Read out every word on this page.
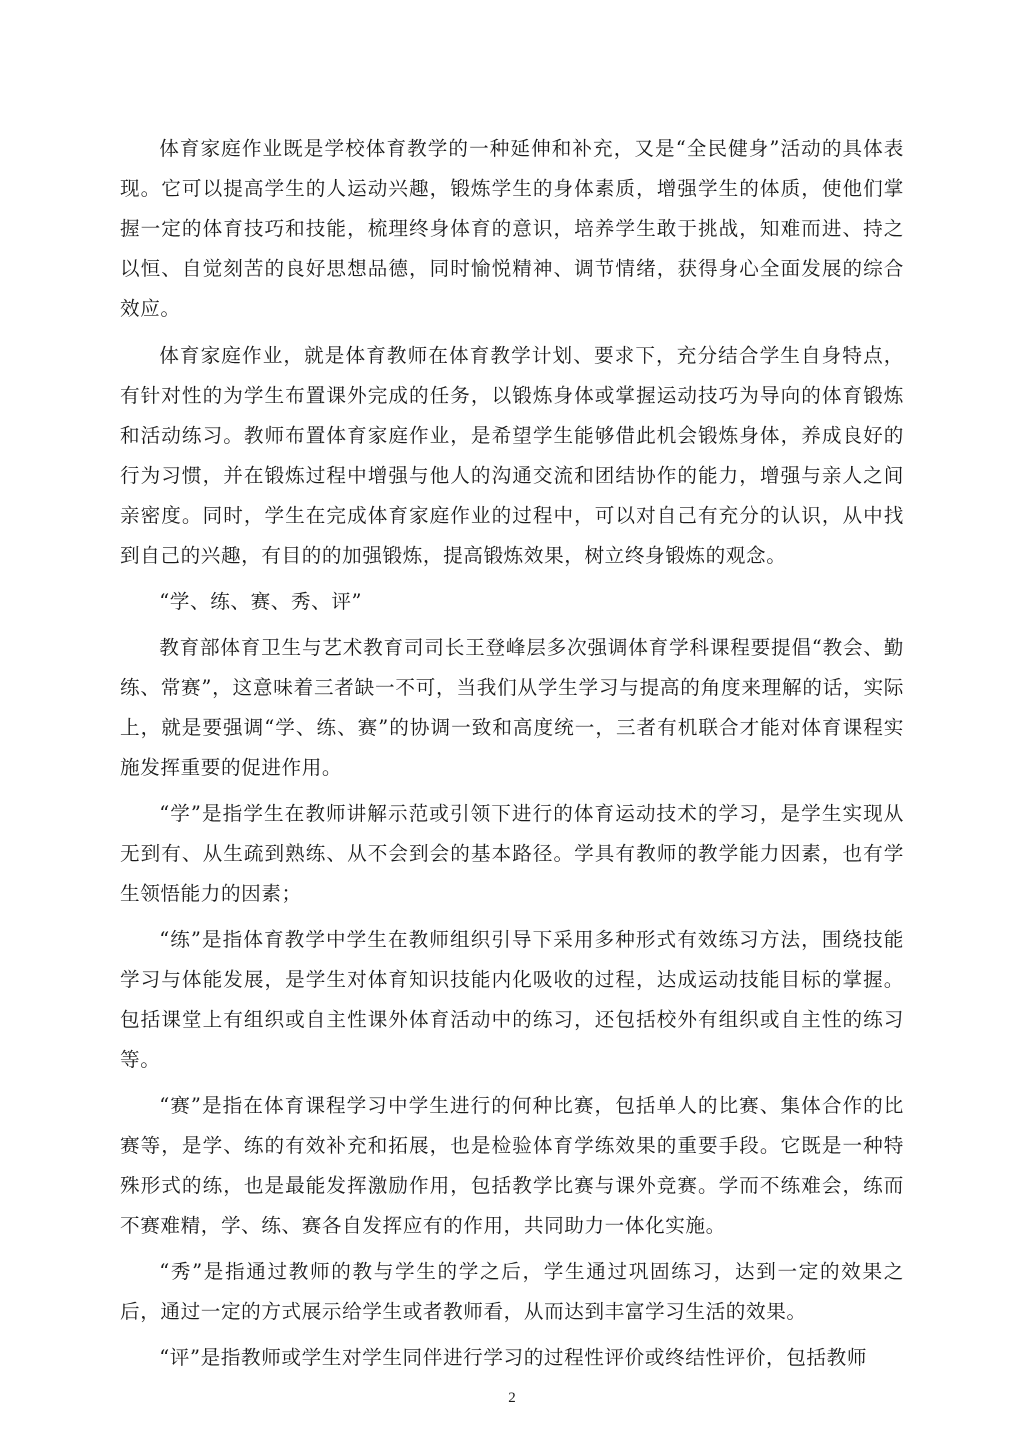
体育家庭作业既是学校体育教学的一种延伸和补充，又是“全民健身”活动的具体表现。它可以提高学生的人运动兴趣，锻炼学生的身体素质，增强学生的体质，使他们掌握一定的体育技巧和技能，梳理终身体育的意识，培养学生敢于挑战，知难而进、持之以恒、自觉刻苦的良好思想品德，同时愉悦精神、调节情绪，获得身心全面发展的综合效应。

体育家庭作业，就是体育教师在体育教学计划、要求下，充分结合学生自身特点，有针对性的为学生布置课外完成的任务，以锻炼身体或掌握运动技巧为导向的体育锻炼和活动练习。教师布置体育家庭作业，是希望学生能够借此机会锻炼身体，养成良好的行为习惯，并在锻炼过程中增强与他人的沟通交流和团结协作的能力，增强与亲人之间亲密度。同时，学生在完成体育家庭作业的过程中，可以对自己有充分的认识，从中找到自己的兴趣，有目的的加强锻炼，提高锻炼效果，树立终身锻炼的观念。

“学、练、赛、秀、评”

教育部体育卫生与艺术教育司司长王登峰层多次强调体育学科课程要提倡“教会、勤练、常赛”，这意味着三者缺一不可，当我们从学生学习与提高的角度来理解的话，实际上，就是要强调“学、练、赛”的协调一致和高度统一，三者有机联合才能对体育课程实施发挥重要的促进作用。

“学”是指学生在教师讲解示范或引领下进行的体育运动技术的学习，是学生实现从无到有、从生疏到熟练、从不会到会的基本路径。学具有教师的教学能力因素，也有学生领悟能力的因素；

“练”是指体育教学中学生在教师组织引导下采用多种形式有效练习方法，围绕技能学习与体能发展，是学生对体育知识技能内化吸收的过程，达成运动技能目标的掌握。包括课堂上有组织或自主性课外体育活动中的练习，还包括校外有组织或自主性的练习等。

“赛”是指在体育课程学习中学生进行的何种比赛，包括单人的比赛、集体合作的比赛等，是学、练的有效补充和拓展，也是检验体育学练效果的重要手段。它既是一种特殊形式的练，也是最能发挥激励作用，包括教学比赛与课外竞赛。学而不练难会，练而不赛难精，学、练、赛各自发挥应有的作用，共同助力一体化实施。

“秀”是指通过教师的教与学生的学之后，学生通过巩固练习，达到一定的效果之后，通过一定的方式展示给学生或者教师看，从而达到丰富学习生活的效果。

“评”是指教师或学生对学生同伴进行学习的过程性评价或终结性评价，包括教师

2
